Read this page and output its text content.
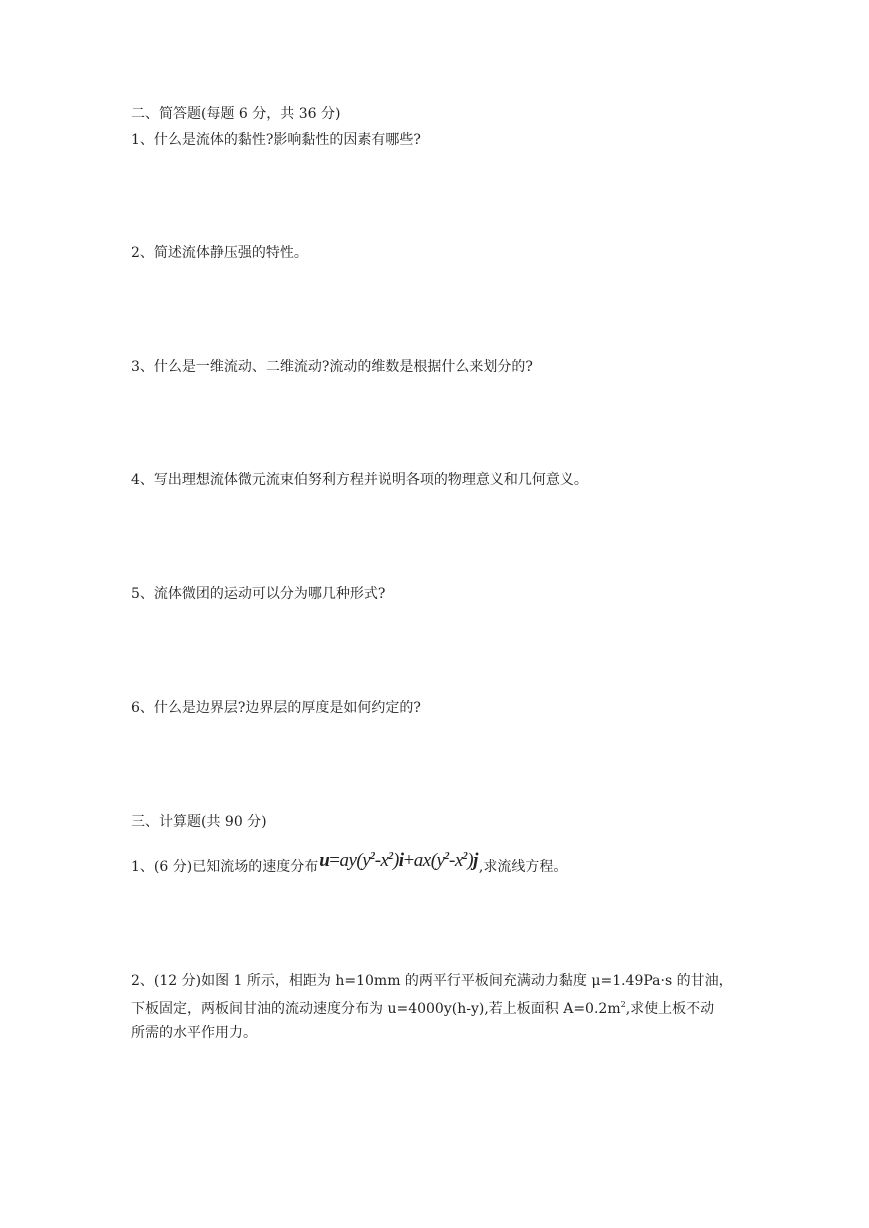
二、简答题(每题 6 分，共 36 分)
1、什么是流体的黏性?影响黏性的因素有哪些?
2、简述流体静压强的特性。
3、什么是一维流动、二维流动?流动的维数是根据什么来划分的?
4、写出理想流体微元流束伯努利方程并说明各项的物理意义和几何意义。
5、流体微团的运动可以分为哪几种形式?
6、什么是边界层?边界层的厚度是如何约定的?
三、计算题(共 90 分)
1、(6 分)已知流场的速度分布$u=ay(y^2-x^2)i+ax(y^2-x^2)j$,求流线方程。
2、(12 分)如图 1 所示，相距为 h=10mm 的两平行平板间充满动力黏度 μ=1.49Pa·s 的甘油，
下板固定，两板间甘油的流动速度分布为 u=4000y(h-y),若上板面积 $A=0.2m^2$,求使上板不动
所需的水平作用力。
